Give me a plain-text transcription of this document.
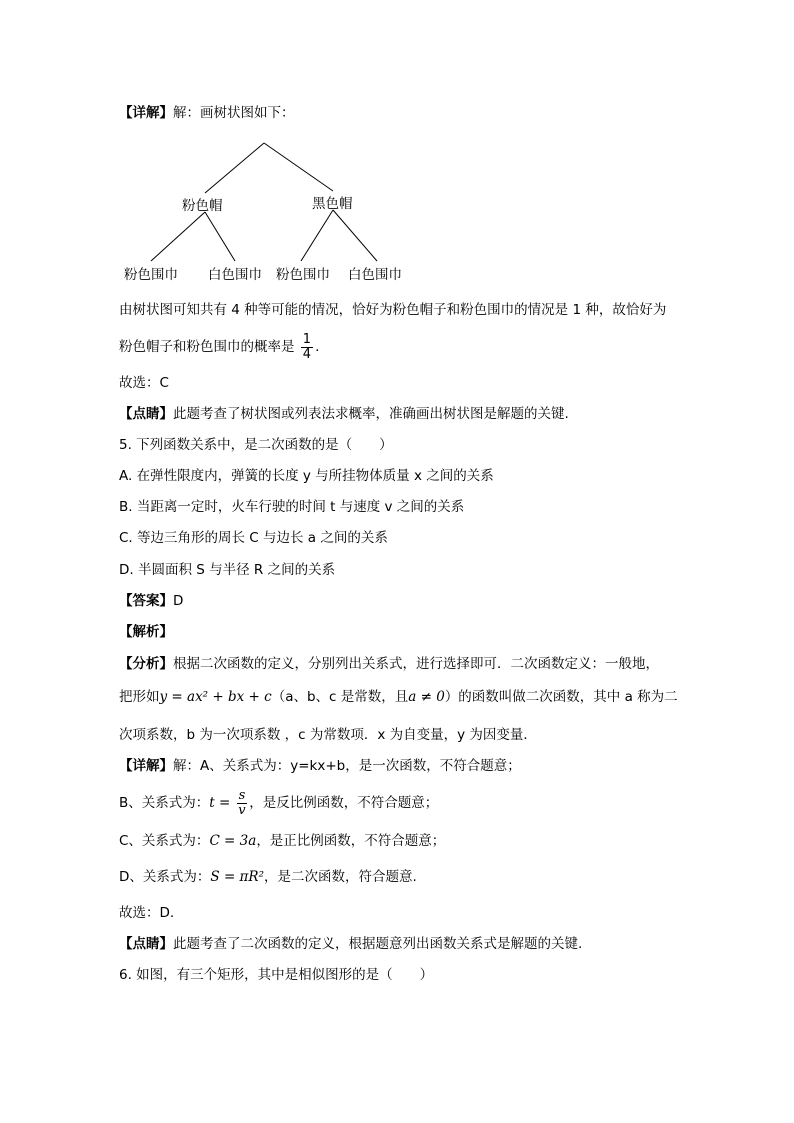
【详解】解：画树状图如下：
粉色帽	黑色帽
粉色围巾 白色围巾 粉色围巾 白色围巾
由树状图可知共有 4 种等可能的情况，恰好为粉色帽子和粉色围巾的情况是 1 种，故恰好为
粉色帽子和粉色围巾的概率是 $\frac{1}{4}$ .
故选：C
【点睛】此题考查了树状图或列表法求概率，准确画出树状图是解题的关键.
5. 下列函数关系中，是二次函数的是（　　）
A. 在弹性限度内，弹簧的长度 y 与所挂物体质量 x 之间的关系
B. 当距离一定时，火车行驶的时间 t 与速度 v 之间的关系
C. 等边三角形的周长 C 与边长 a 之间的关系
D. 半圆面积 S 与半径 R 之间的关系
【答案】D
【解析】
【分析】根据二次函数的定义，分别列出关系式，进行选择即可．二次函数定义：一般地，
把形如y = ax² + bx + c（a、b、c 是常数，且a ≠ 0）的函数叫做二次函数，其中 a 称为二
次项系数，b 为一次项系数 ，c 为常数项．x 为自变量，y 为因变量．
【详解】解：A、关系式为：y=kx+b，是一次函数，不符合题意；
B、关系式为：$t = \frac{s}{v}$ ，是反比例函数，不符合题意；
C、关系式为：C = 3a，是正比例函数，不符合题意；
D、关系式为：S = πR²，是二次函数，符合题意.
故选：D.
【点睛】此题考查了二次函数的定义，根据题意列出函数关系式是解题的关键.
6. 如图，有三个矩形，其中是相似图形的是（　　）
